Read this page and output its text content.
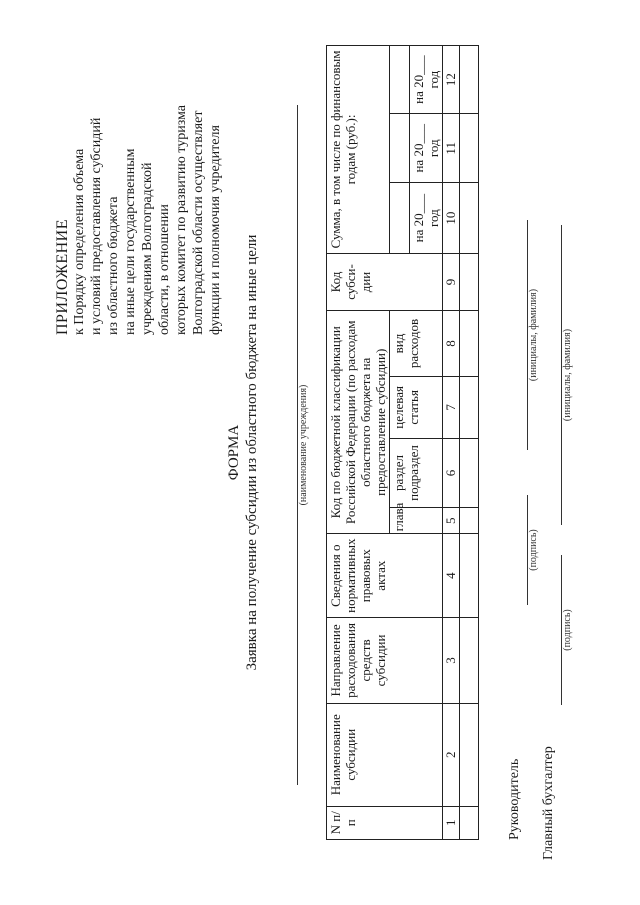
ПРИЛОЖЕНИЕ к Порядку определения объема и условий предоставления субсидий из областного бюджета на иные цели государственным учреждениям Волгоградской области, в отношении которых комитет по развитию туризма Волгоградской области осуществляет функции и полномочия учредителя
ФОРМА Заявка на получение субсидии из областного бюджета на иные цели	(наименование учреждения)
N п/п	Наименование субсидии	Направление расходования средств субсидии	Сведения о нормативных правовых актах	Код по бюджетной классификации Российской Федерации (по расходам областного бюджета на предоставление субсидии)				Код субси-дии	Сумма, в том числе по финансовым годам (руб.):		
				глава	раздел подраздел	целевая статья	вид расходов				
									на 20___ год	на 20___ год	на 20___ год
1	2	3	4	5	6	7	8	9	10	11	12

Руководитель
(подпись)
(инициалы, фамилия)
Главный бухгалтер
(подпись)
(инициалы, фамилия)
